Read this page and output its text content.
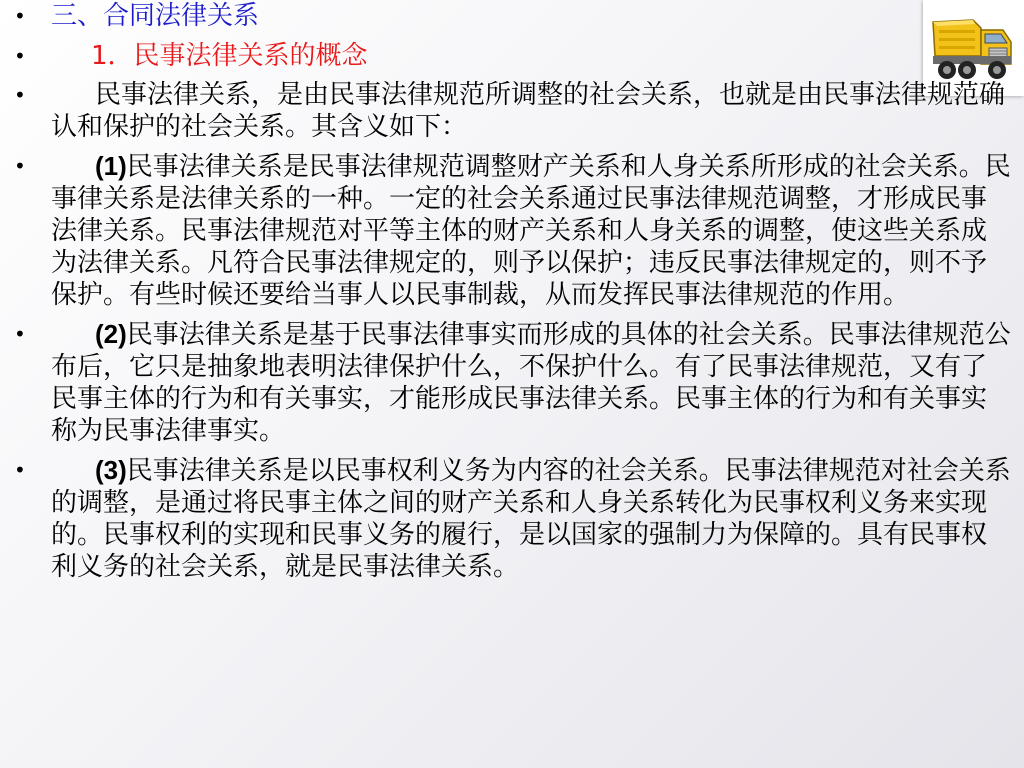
• 三、合同法律关系
•	1．民事法律关系的概念
•	民事法律关系，是由民事法律规范所调整的社会关系，也就是由民事法律规范确认和保护的社会关系。其含义如下：
•	(1)民事法律关系是民事法律规范调整财产关系和人身关系所形成的社会关系。民事律关系是法律关系的一种。一定的社会关系通过民事法律规范调整，才形成民事法律关系。民事法律规范对平等主体的财产关系和人身关系的调整，使这些关系成为法律关系。凡符合民事法律规定的，则予以保护；违反民事法律规定的，则不予保护。有些时候还要给当事人以民事制裁，从而发挥民事法律规范的作用。
•	(2)民事法律关系是基于民事法律事实而形成的具体的社会关系。民事法律规范公布后，它只是抽象地表明法律保护什么，不保护什么。有了民事法律规范，又有了民事主体的行为和有关事实，才能形成民事法律关系。民事主体的行为和有关事实称为民事法律事实。
•	(3)民事法律关系是以民事权利义务为内容的社会关系。民事法律规范对社会关系的调整，是通过将民事主体之间的财产关系和人身关系转化为民事权利义务来实现的。民事权利的实现和民事义务的履行，是以国家的强制力为保障的。具有民事权利义务的社会关系，就是民事法律关系。
